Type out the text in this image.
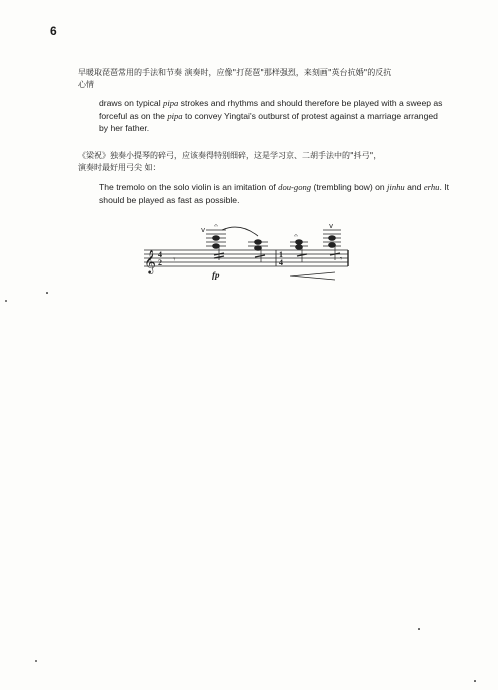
6
早暖取琵琶常用的手法和节奏 演奏时，应像"打琵琶"那样强烈，来刻画"英台抗婚"的反抗
心情

draws on typical pipa strokes and rhythms and should therefore be played with a sweep as forceful as on the pipa to convey Yingtai's outburst of protest against a marriage arranged by her father.

《梁祝》独奏小提琴的碎弓，应该奏得特别细碎，这是学习京、二胡手法中的"抖弓"，
演奏时最好用弓尖 如：

The tremolo on the solo violin is an imitation of dou-gong (trembling bow) on jinhu and erhu. It should be played as fast as possible.

𝄞 4
2 𝄾
v 𝄐
fp
1
4
𝄐
v
𝄾
